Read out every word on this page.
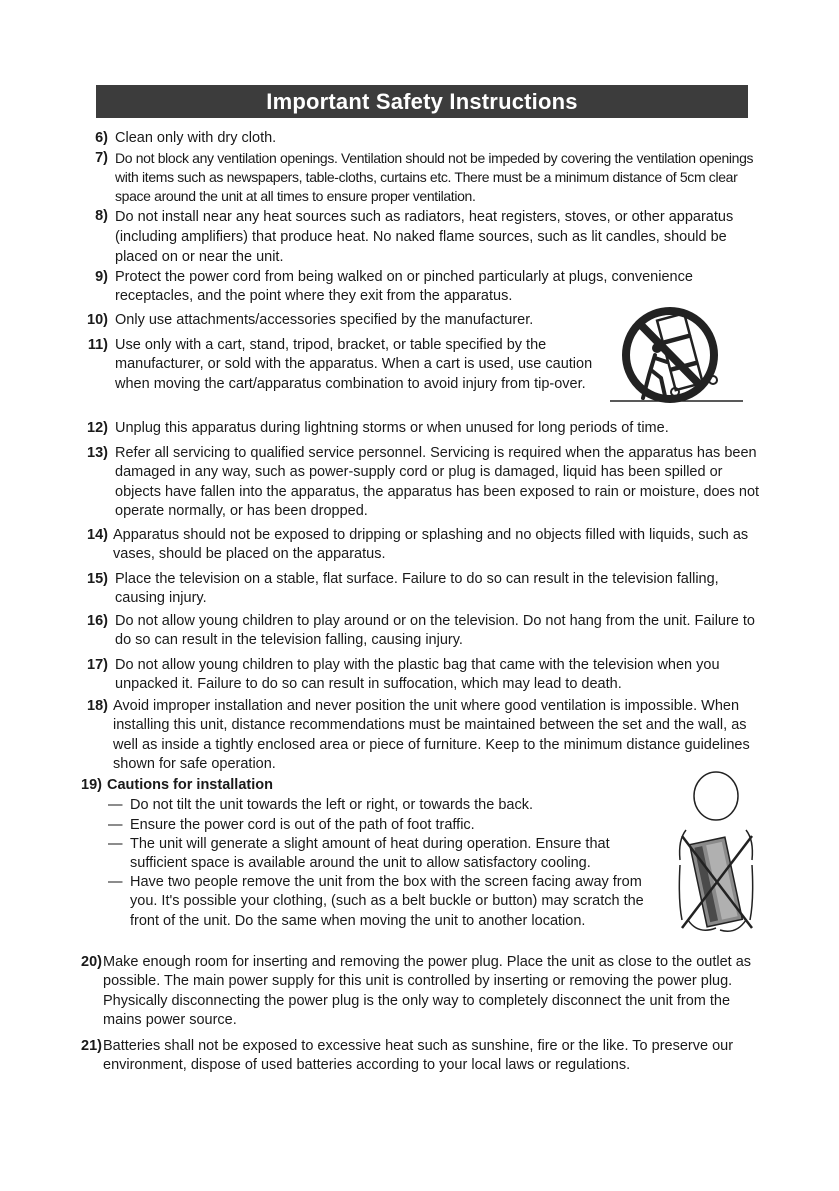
Important Safety Instructions
6) Clean only with dry cloth.
7) Do not block any ventilation openings. Ventilation should not be impeded by covering the ventilation openings with items such as newspapers, table-cloths, curtains etc. There must be a minimum distance of 5cm clear space around the unit at all times to ensure proper ventilation.
8) Do not install near any heat sources such as radiators, heat registers, stoves, or other apparatus (including amplifiers) that produce heat. No naked flame sources, such as lit candles, should be placed on or near the unit.
9) Protect the power cord from being walked on or pinched particularly at plugs, convenience receptacles, and the point where they exit from the apparatus.
10) Only use attachments/accessories specified by the manufacturer.
11) Use only with a cart, stand, tripod, bracket, or table specified by the manufacturer, or sold with the apparatus. When a cart is used, use caution when moving the cart/apparatus combination to avoid injury from tip-over.
12) Unplug this apparatus during lightning storms or when unused for long periods of time.
13) Refer all servicing to qualified service personnel. Servicing is required when the apparatus has been damaged in any way, such as power-supply cord or plug is damaged, liquid has been spilled or objects have fallen into the apparatus, the apparatus has been exposed to rain or moisture, does not operate normally, or has been dropped.
14) Apparatus should not be exposed to dripping or splashing and no objects filled with liquids, such as vases, should be placed on the apparatus.
15) Place the television on a stable, flat surface. Failure to do so can result in the television falling, causing injury.
16) Do not allow young children to play around or on the television. Do not hang from the unit. Failure to do so can result in the television falling, causing injury.
17) Do not allow young children to play with the plastic bag that came with the television when you unpacked it. Failure to do so can result in suffocation, which may lead to death.
18) Avoid improper installation and never position the unit where good ventilation is impossible. When installing this unit, distance recommendations must be maintained between the set and the wall, as well as inside a tightly enclosed area or piece of furniture. Keep to the minimum distance guidelines shown for safe operation.
19) Cautions for installation
— Do not tilt the unit towards the left or right, or towards the back.
— Ensure the power cord is out of the path of foot traffic.
— The unit will generate a slight amount of heat during operation. Ensure that sufficient space is available around the unit to allow satisfactory cooling.
— Have two people remove the unit from the box with the screen facing away from you. It's possible your clothing, (such as a belt buckle or button) may scratch the front of the unit. Do the same when moving the unit to another location.
20) Make enough room for inserting and removing the power plug. Place the unit as close to the outlet as possible. The main power supply for this unit is controlled by inserting or removing the power plug. Physically disconnecting the power plug is the only way to completely disconnect the unit from the mains power source.
21) Batteries shall not be exposed to excessive heat such as sunshine, fire or the like. To preserve our environment, dispose of used batteries according to your local laws or regulations.
